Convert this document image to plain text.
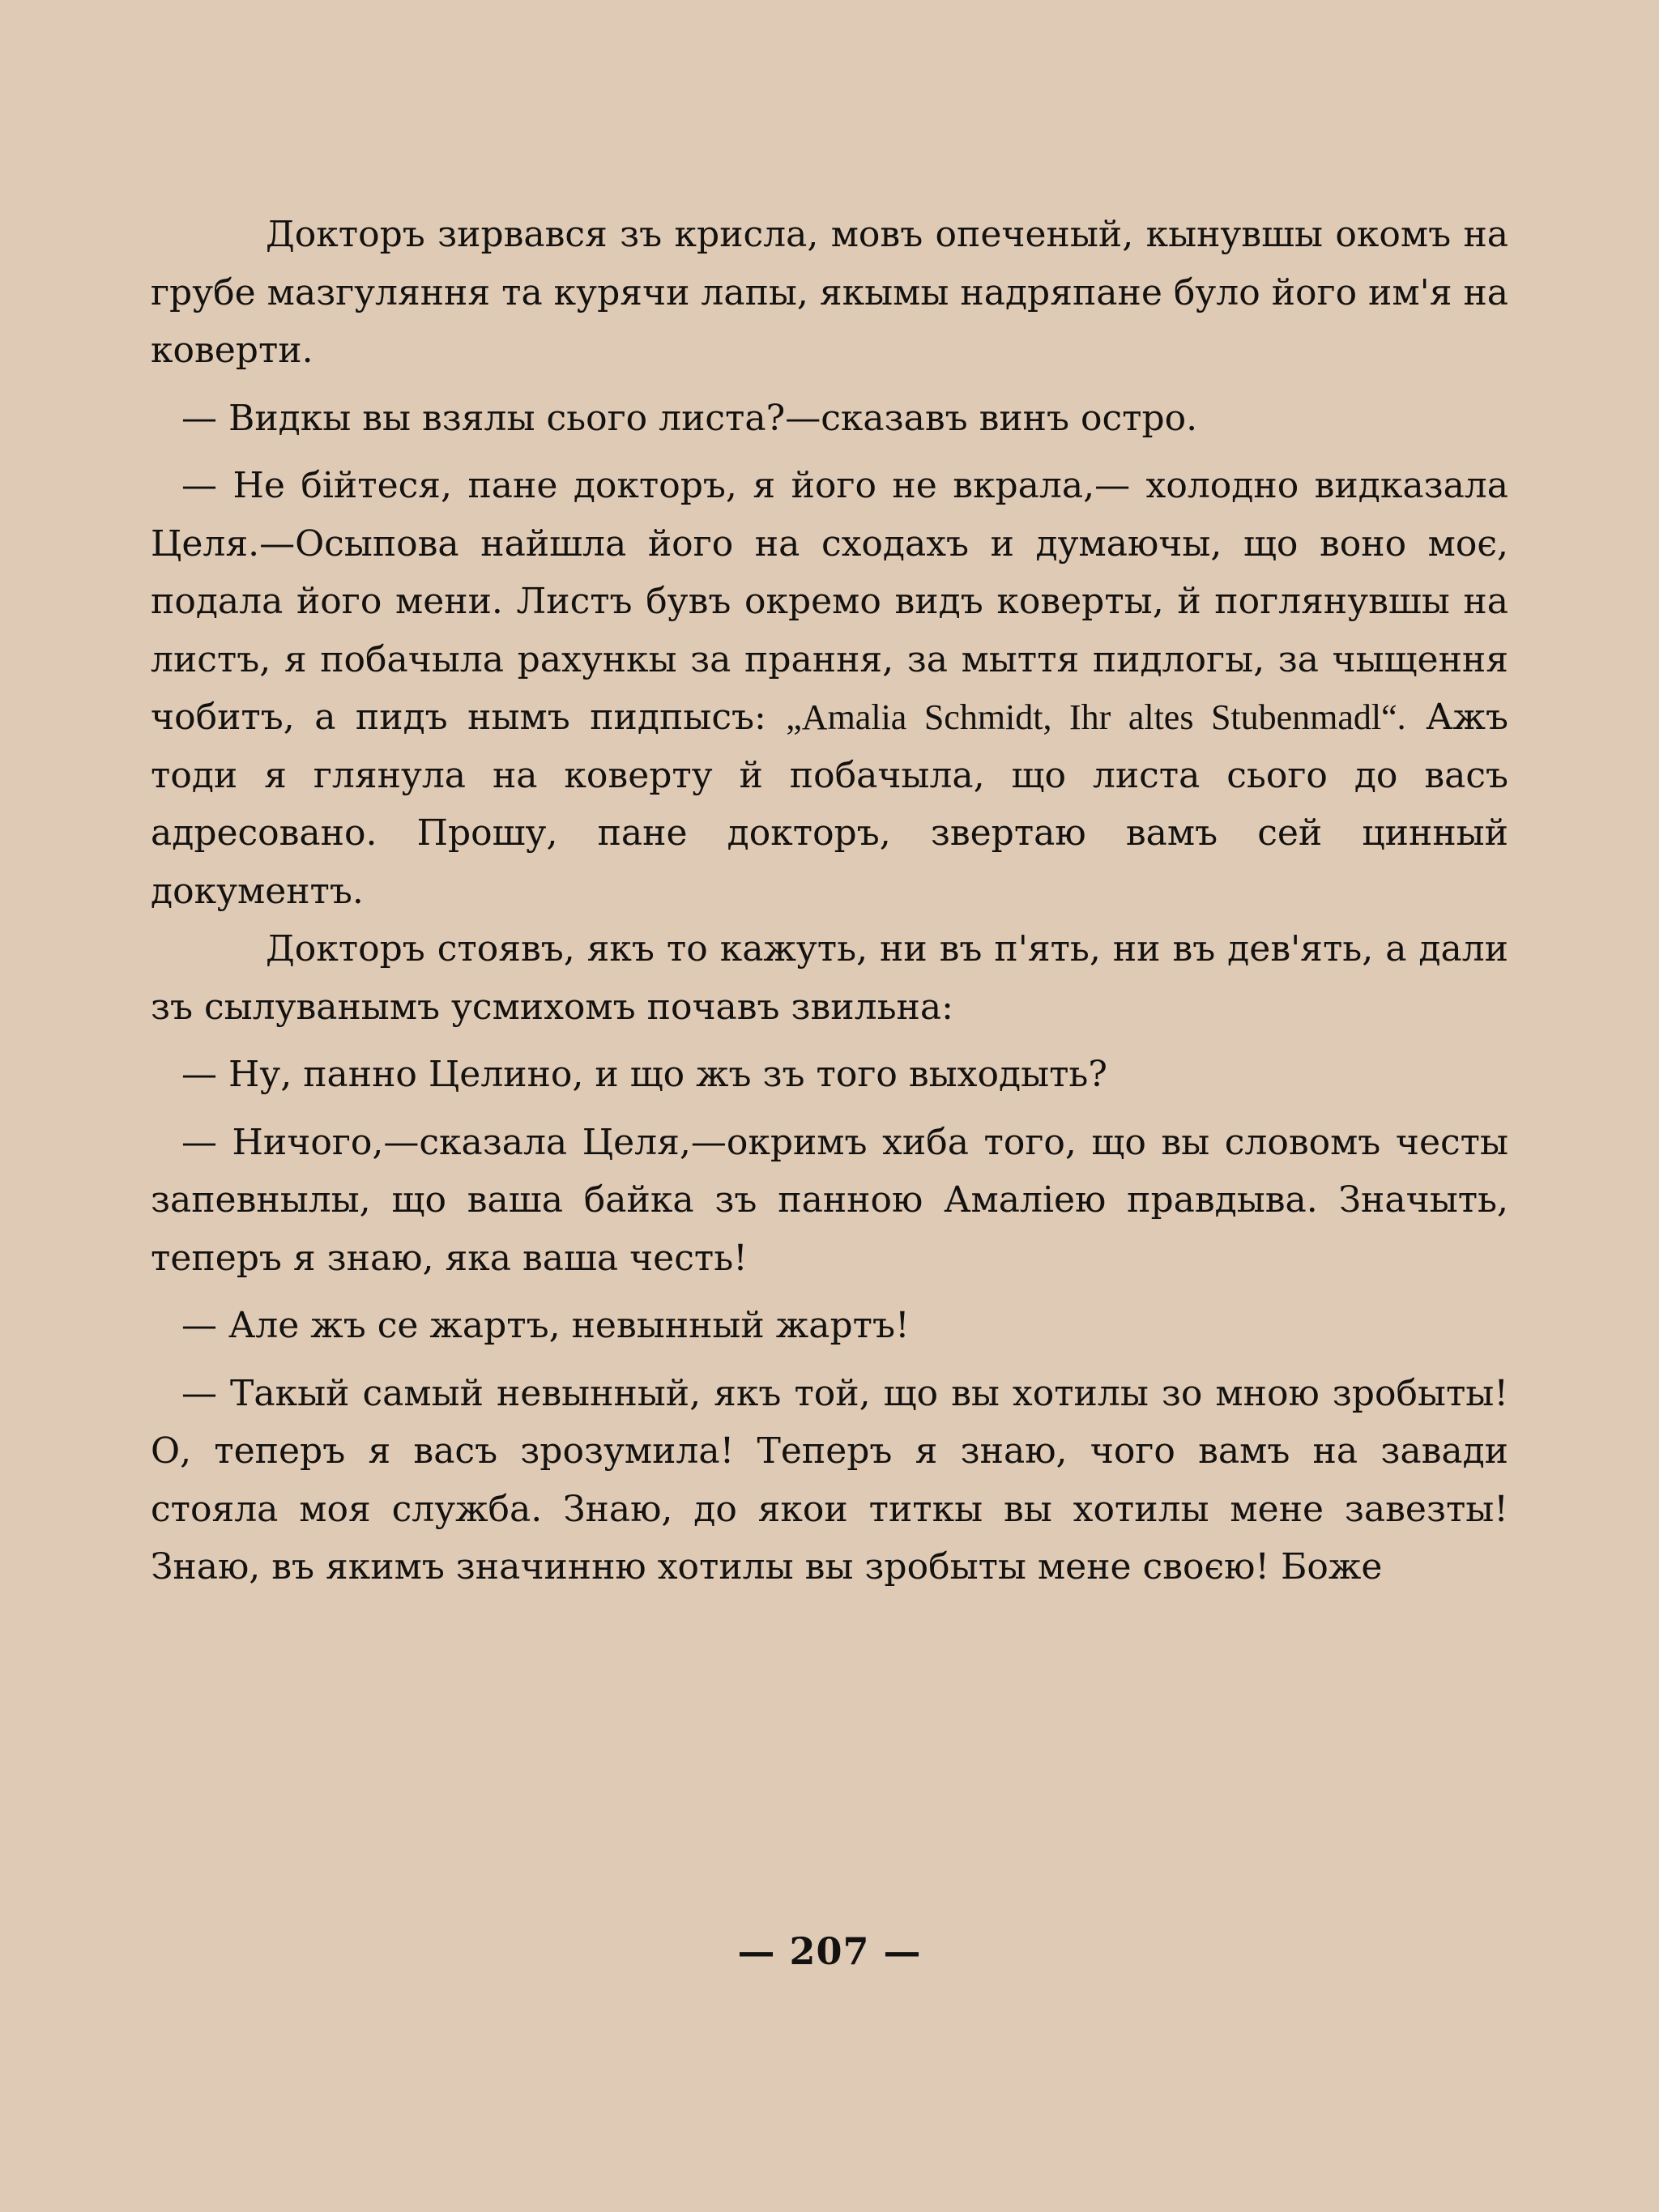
Докторъ зирвався зъ крисла, мовъ опеченый, кынувшы окомъ на грубе мазгуляння та курячи лапы, якымы надряпане було його им'я на коверти.

— Видкы вы взялы сього листа?—сказавъ винъ остро.

— Не бійтеся, пане докторъ, я його не вкрала,— холодно видказала Целя.—Осыпова найшла його на сходахъ и думаючы, що воно моє, подала його мени. Листъ бувъ окремо видъ коверты, й поглянувшы на листъ, я побачыла рахункы за прання, за мыття пидлогы, за чыщення чобитъ, а пидъ нымъ пидпысъ: „Amalia Schmidt, Ihr altes Stubenmadl“. Ажъ тоди я глянула на коверту й побачыла, що листа сього до васъ адресовано. Прошу, пане докторъ, звертаю вамъ сей цинный документъ.

Докторъ стоявъ, якъ то кажуть, ни въ п'ять, ни въ дев'ять, а дали зъ сылуванымъ усмихомъ почавъ звильна:

— Ну, панно Целино, и що жъ зъ того выходыть?

— Ничого,—сказала Целя,—окримъ хиба того, що вы словомъ честы запевнылы, що ваша байка зъ панною Амаліею правдыва. Значыть, теперъ я знаю, яка ваша честь!

— Але жъ се жартъ, невынный жартъ!

— Такый самый невынный, якъ той, що вы хотилы зо мною зробыты! О, теперъ я васъ зрозумила! Теперъ я знаю, чого вамъ на завади стояла моя служба. Знаю, до якои титкы вы хотилы мене завезты! Знаю, въ якимъ значинню хотилы вы зробыты мене своєю! Боже

— 207 —
